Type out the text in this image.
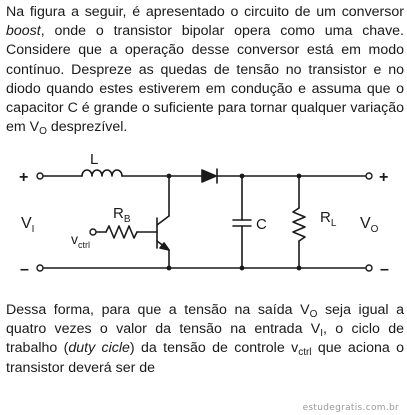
Na figura a seguir, é apresentado o circuito de um conversor boost, onde o transistor bipolar opera como uma chave. Considere que a operação desse conversor está em modo contínuo. Despreze as quedas de tensão no transistor e no diodo quando estes estiverem em condução e assuma que o capacitor C é grande o suficiente para tornar qualquer variação em $V_O$ desprezível.

+
–
+
–
$V_I$
L
$R_B$
$v_{ctrl}$
C	$R_L$ $V_O$

Dessa forma, para que a tensão na saída $V_O$ seja igual a quatro vezes o valor da tensão na entrada $V_I$, o ciclo de trabalho (duty cicle) da tensão de controle $v_{ctrl}$ que aciona o transistor deverá ser de

estudegratis.com.br
